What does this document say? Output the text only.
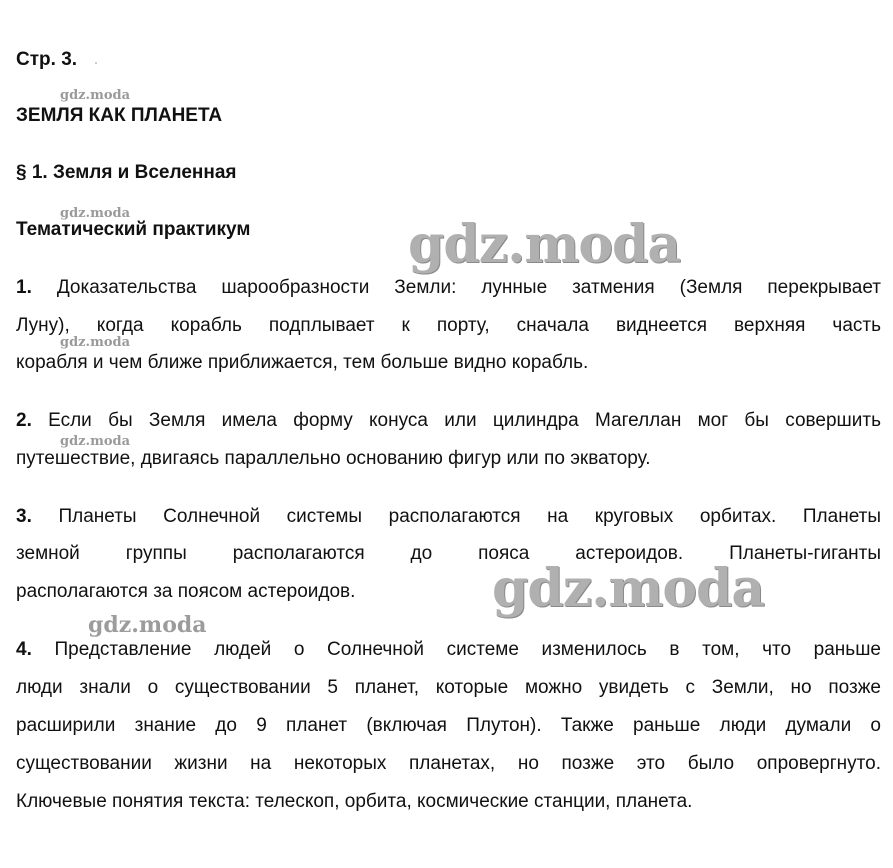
Стр. 3.
ЗЕМЛЯ КАК ПЛАНЕТА
§ 1. Земля и Вселенная
Тематический практикум
1. Доказательства шарообразности Земли: лунные затмения (Земля перекрывает
Луну), когда корабль подплывает к порту, сначала виднеется верхняя часть
корабля и чем ближе приближается, тем больше видно корабль.
2. Если бы Земля имела форму конуса или цилиндра Магеллан мог бы совершить
путешествие, двигаясь параллельно основанию фигур или по экватору.
3. Планеты Солнечной системы располагаются на круговых орбитах. Планеты
земной группы располагаются до пояса астероидов. Планеты-гиганты
располагаются за поясом астероидов.
4. Представление людей о Солнечной системе изменилось в том, что раньше
люди знали о существовании 5 планет, которые можно увидеть с Земли, но позже
расширили знание до 9 планет (включая Плутон). Также раньше люди думали о
существовании жизни на некоторых планетах, но позже это было опровергнуто.
Ключевые понятия текста: телескоп, орбита, космические станции, планета.
gdz.moda
gdz.moda
gdz.moda
gdz.moda
gdz.moda
gdz.moda
gdz.moda
